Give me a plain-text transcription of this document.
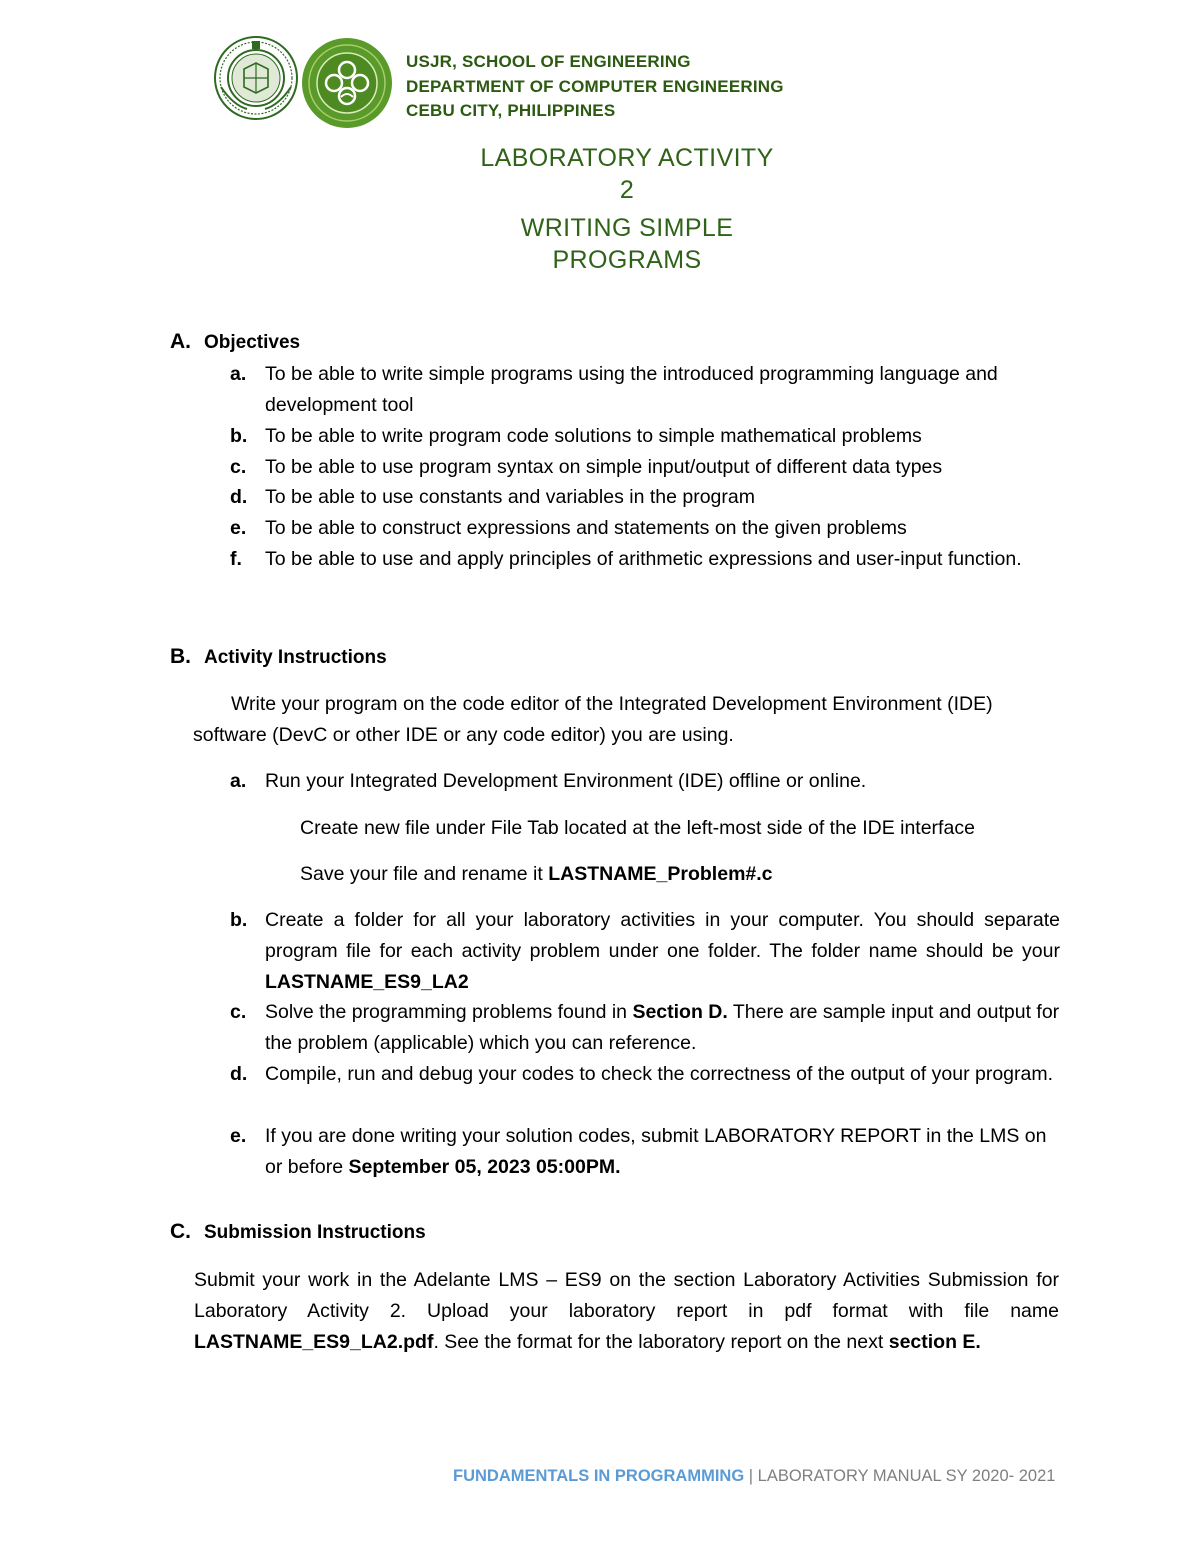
USJR, SCHOOL OF ENGINEERING
DEPARTMENT OF COMPUTER ENGINEERING
CEBU CITY, PHILIPPINES
LABORATORY ACTIVITY
2
WRITING SIMPLE
PROGRAMS
A. Objectives
a. To be able to write simple programs using the introduced programming language and development tool
b. To be able to write program code solutions to simple mathematical problems
c. To be able to use program syntax on simple input/output of different data types
d. To be able to use constants and variables in the program
e. To be able to construct expressions and statements on the given problems
f. To be able to use and apply principles of arithmetic expressions and user-input function.
B. Activity Instructions
Write your program on the code editor of the Integrated Development Environment (IDE) software (DevC or other IDE or any code editor) you are using.
a. Run your Integrated Development Environment (IDE) offline or online.
Create new file under File Tab located at the left-most side of the IDE interface
Save your file and rename it LASTNAME_Problem#.c
b. Create a folder for all your laboratory activities in your computer. You should separate program file for each activity problem under one folder. The folder name should be your LASTNAME_ES9_LA2
c. Solve the programming problems found in Section D. There are sample input and output for the problem (applicable) which you can reference.
d. Compile, run and debug your codes to check the correctness of the output of your program.
e. If you are done writing your solution codes, submit LABORATORY REPORT in the LMS on or before September 05, 2023 05:00PM.
C. Submission Instructions
Submit your work in the Adelante LMS – ES9 on the section Laboratory Activities Submission for Laboratory Activity 2. Upload your laboratory report in pdf format with file name LASTNAME_ES9_LA2.pdf. See the format for the laboratory report on the next section E.
FUNDAMENTALS IN PROGRAMMING | LABORATORY MANUAL SY 2020- 2021
